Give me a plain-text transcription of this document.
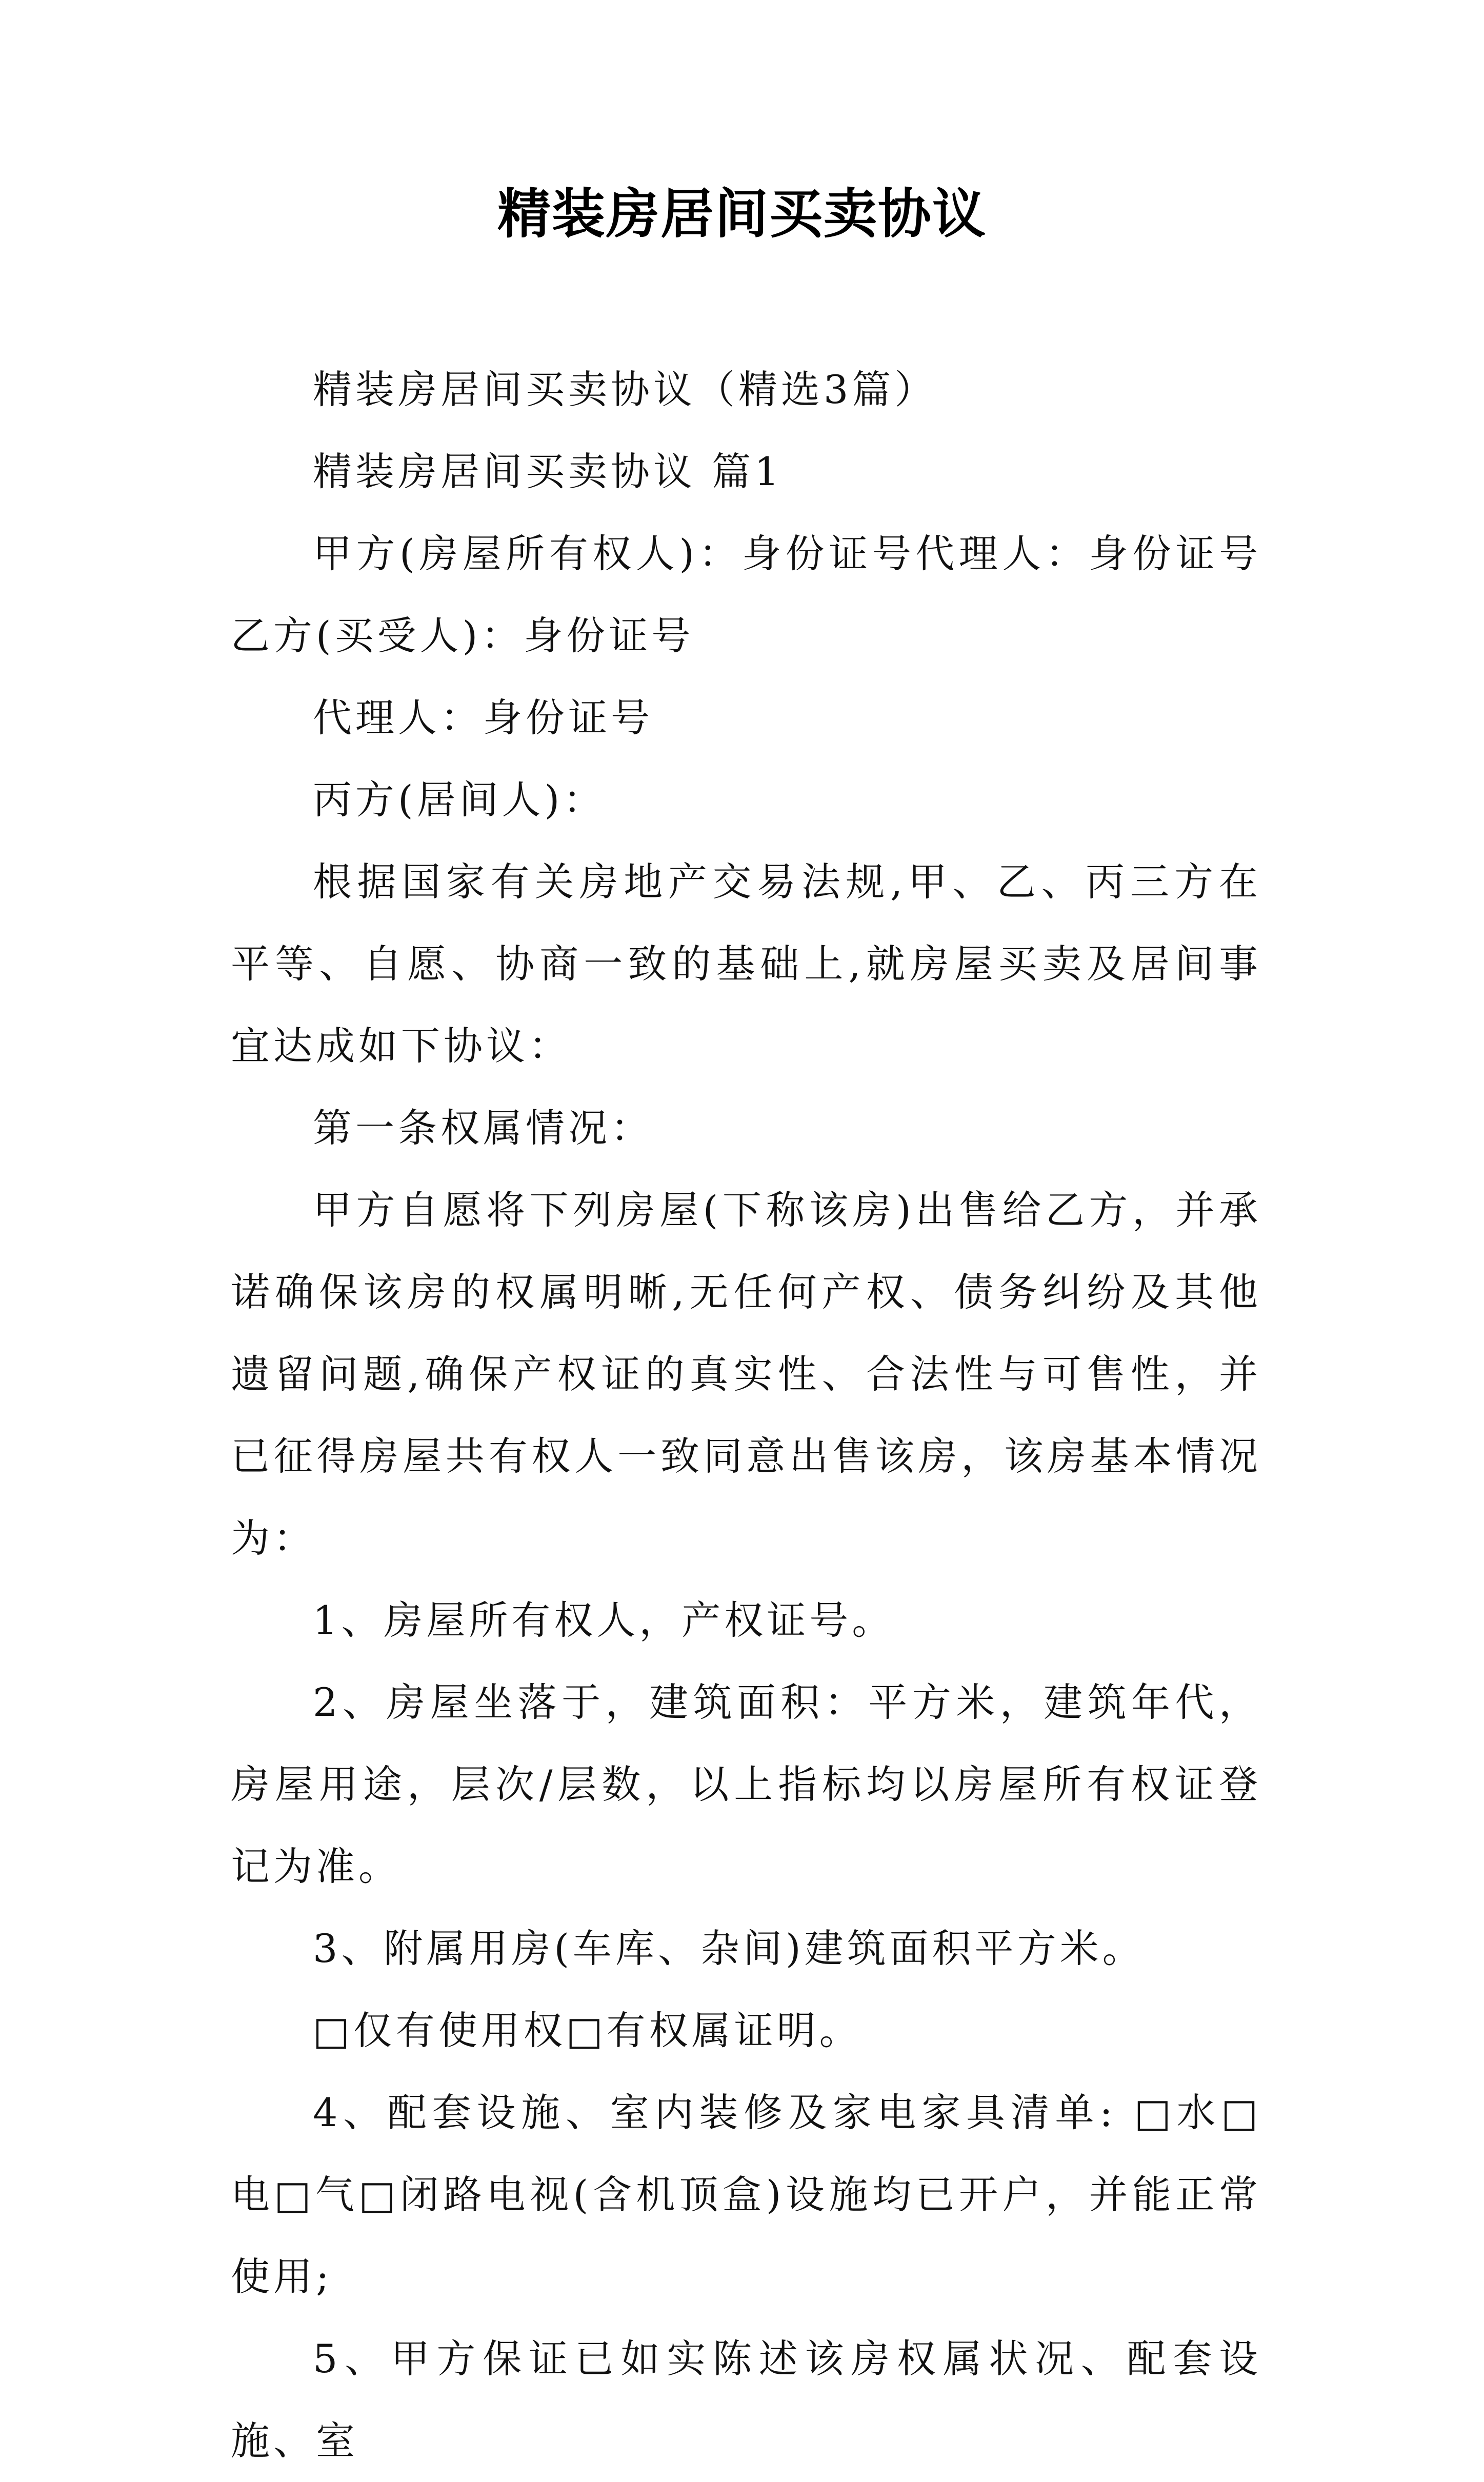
精装房居间买卖协议

精装房居间买卖协议（精选3篇）

精装房居间买卖协议 篇1

甲方(房屋所有权人)：身份证号代理人：身份证号乙方(买受人)：身份证号

代理人：身份证号

丙方(居间人)：

根据国家有关房地产交易法规,甲、乙、丙三方在平等、自愿、协商一致的基础上,就房屋买卖及居间事宜达成如下协议：

第一条权属情况：

甲方自愿将下列房屋(下称该房)出售给乙方，并承诺确保该房的权属明晰,无任何产权、债务纠纷及其他遗留问题,确保产权证的真实性、合法性与可售性，并已征得房屋共有权人一致同意出售该房，该房基本情况为：

1、房屋所有权人，产权证号。

2、房屋坐落于，建筑面积：平方米，建筑年代，房屋用途，层次/层数，以上指标均以房屋所有权证登记为准。

3、附属用房(车库、杂间)建筑面积平方米。

□仅有使用权□有权属证明。

4、配套设施、室内装修及家电家具清单: □水□电□气□闭路电视(含机顶盒)设施均已开户，并能正常使用;

5、甲方保证已如实陈述该房权属状况、配套设施、室
